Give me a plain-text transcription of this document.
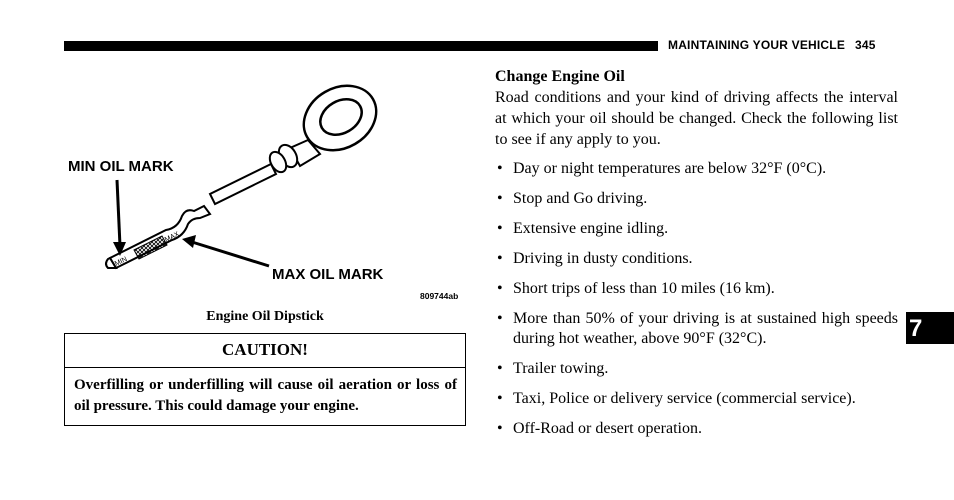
MAINTAINING YOUR VEHICLE 345
MIN
MAX
MIN OIL MARK
MAX OIL MARK
809744ab
Engine Oil Dipstick
CAUTION!
Overfilling or underfilling will cause oil aeration or loss of oil pressure. This could damage your engine.
Change Engine Oil

Road conditions and your kind of driving affects the interval at which your oil should be changed. Check the following list to see if any apply to you.

• Day or night temperatures are below 32°F (0°C).
• Stop and Go driving.
• Extensive engine idling.
• Driving in dusty conditions.
• Short trips of less than 10 miles (16 km).
• More than 50% of your driving is at sustained high speeds during hot weather, above 90°F (32°C).
• Trailer towing.
• Taxi, Police or delivery service (commercial service).
• Off-Road or desert operation.
7
